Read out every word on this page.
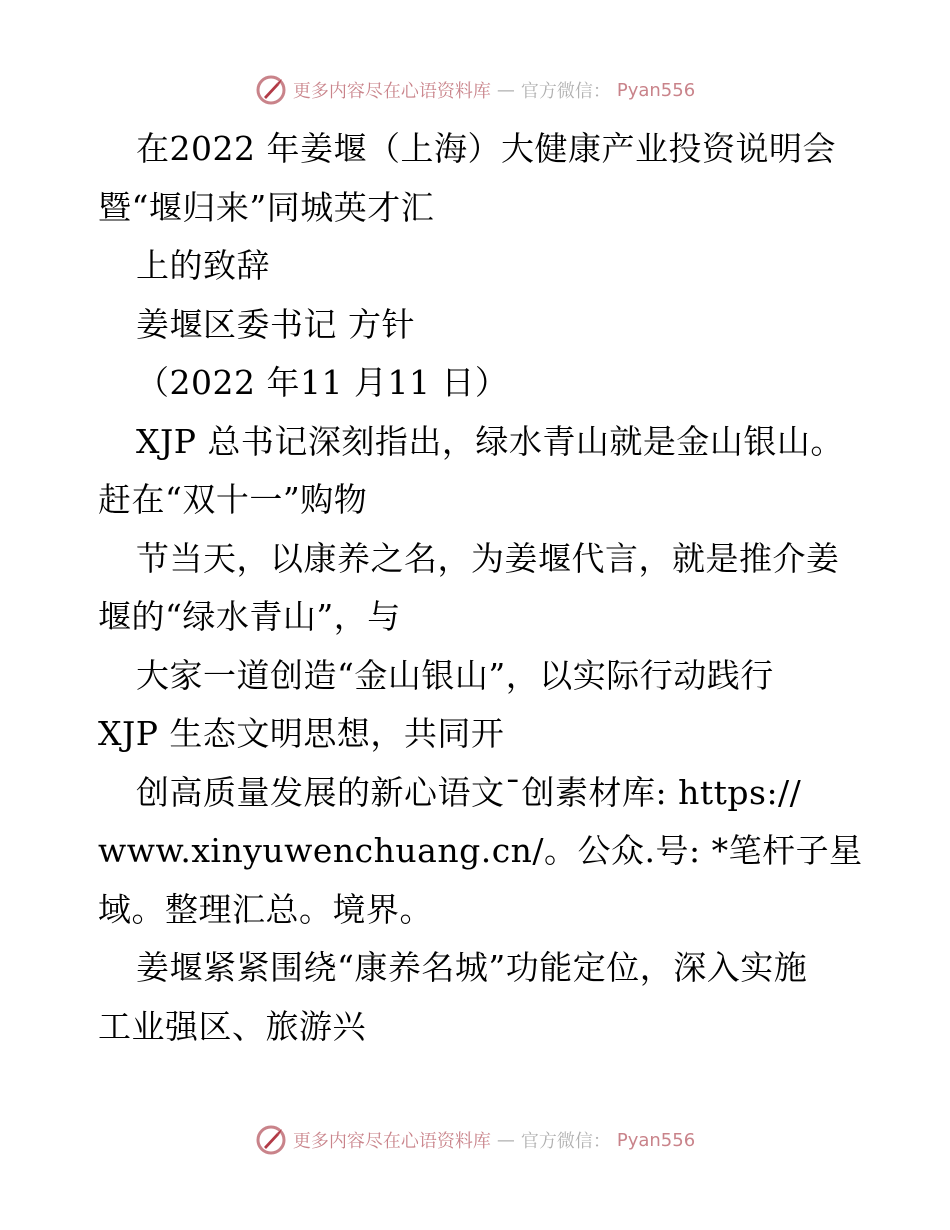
更多内容尽在心语资料库 — 官方微信： Pyan556
在2022 年姜堰（上海）大健康产业投资说明会
暨“堰归来”同城英才汇
上的致辞
姜堰区委书记 方针
（2022 年11 月11 日）
XJP 总书记深刻指出，绿水青山就是金山银山。
赶在“双十一”购物
节当天，以康养之名，为姜堰代言，就是推介姜
堰的“绿水青山”，与
大家一道创造“金山银山”，以实际行动践行
XJP 生态文明思想，共同开
创高质量发展的新心语文¯创素材库: https://
www.xinyuwenchuang.cn/。公众.号: *笔杆子星
域。整理汇总。境界。
姜堰紧紧围绕“康养名城”功能定位，深入实施
工业强区、旅游兴
更多内容尽在心语资料库 — 官方微信： Pyan556
